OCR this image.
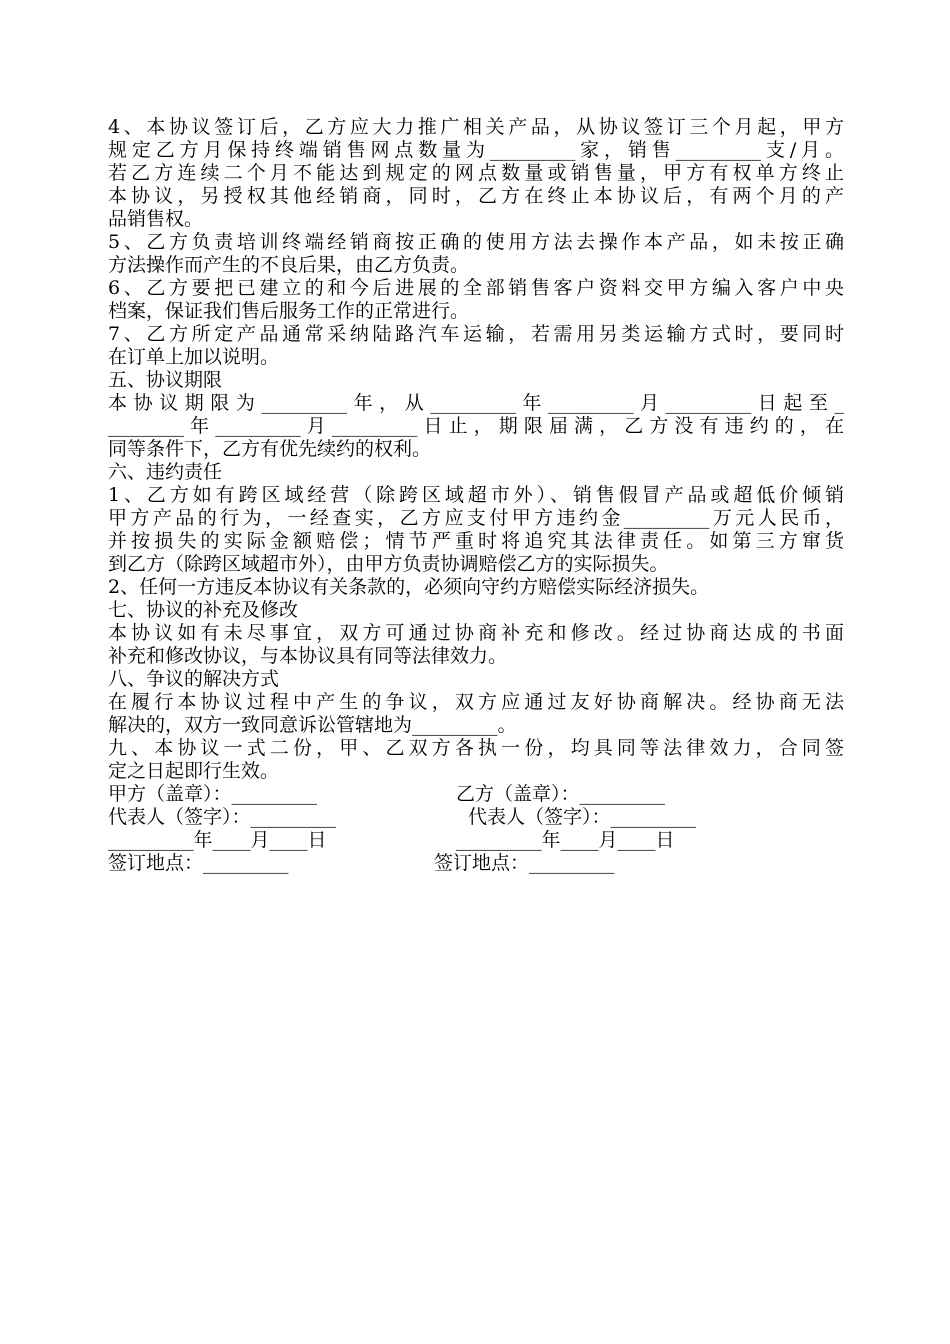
4、本协议签订后，乙方应大力推广相关产品，从协议签订三个月起，甲方
规定乙方月保持终端销售网点数量为_________家，销售_________支/月。
若乙方连续二个月不能达到规定的网点数量或销售量，甲方有权单方终止
本协议，另授权其他经销商，同时，乙方在终止本协议后，有两个月的产
品销售权。
5、乙方负责培训终端经销商按正确的使用方法去操作本产品，如未按正确
方法操作而产生的不良后果，由乙方负责。
6、乙方要把已建立的和今后进展的全部销售客户资料交甲方编入客户中央
档案，保证我们售后服务工作的正常进行。
7、乙方所定产品通常采纳陆路汽车运输，若需用另类运输方式时，要同时
在订单上加以说明。
五、协议期限
本协议期限为_________年，从_________年_________月_________日起至_
________年_________月_________日止，期限届满，乙方没有违约的，在
同等条件下，乙方有优先续约的权利。
六、违约责任
1、乙方如有跨区域经营（除跨区域超市外）、销售假冒产品或超低价倾销
甲方产品的行为，一经查实，乙方应支付甲方违约金_________万元人民币，
并按损失的实际金额赔偿；情节严重时将追究其法律责任。如第三方窜货
到乙方（除跨区域超市外），由甲方负责协调赔偿乙方的实际损失。
2、任何一方违反本协议有关条款的，必须向守约方赔偿实际经济损失。
七、协议的补充及修改
本协议如有未尽事宜，双方可通过协商补充和修改。经过协商达成的书面
补充和修改协议，与本协议具有同等法律效力。
八、争议的解决方式
在履行本协议过程中产生的争议，双方应通过友好协商解决。经协商无法
解决的，双方一致同意诉讼管辖地为_________。
九、本协议一式二份，甲、乙双方各执一份，均具同等法律效力，合同签
定之日起即行生效。

甲方（盖章）：_________

	乙方（盖章）：_________

代表人（签字）：_________

	代表人（签字）：_________

_________年____月____日

	_________年____月____日

签订地点：_________

	签订地点：_________
